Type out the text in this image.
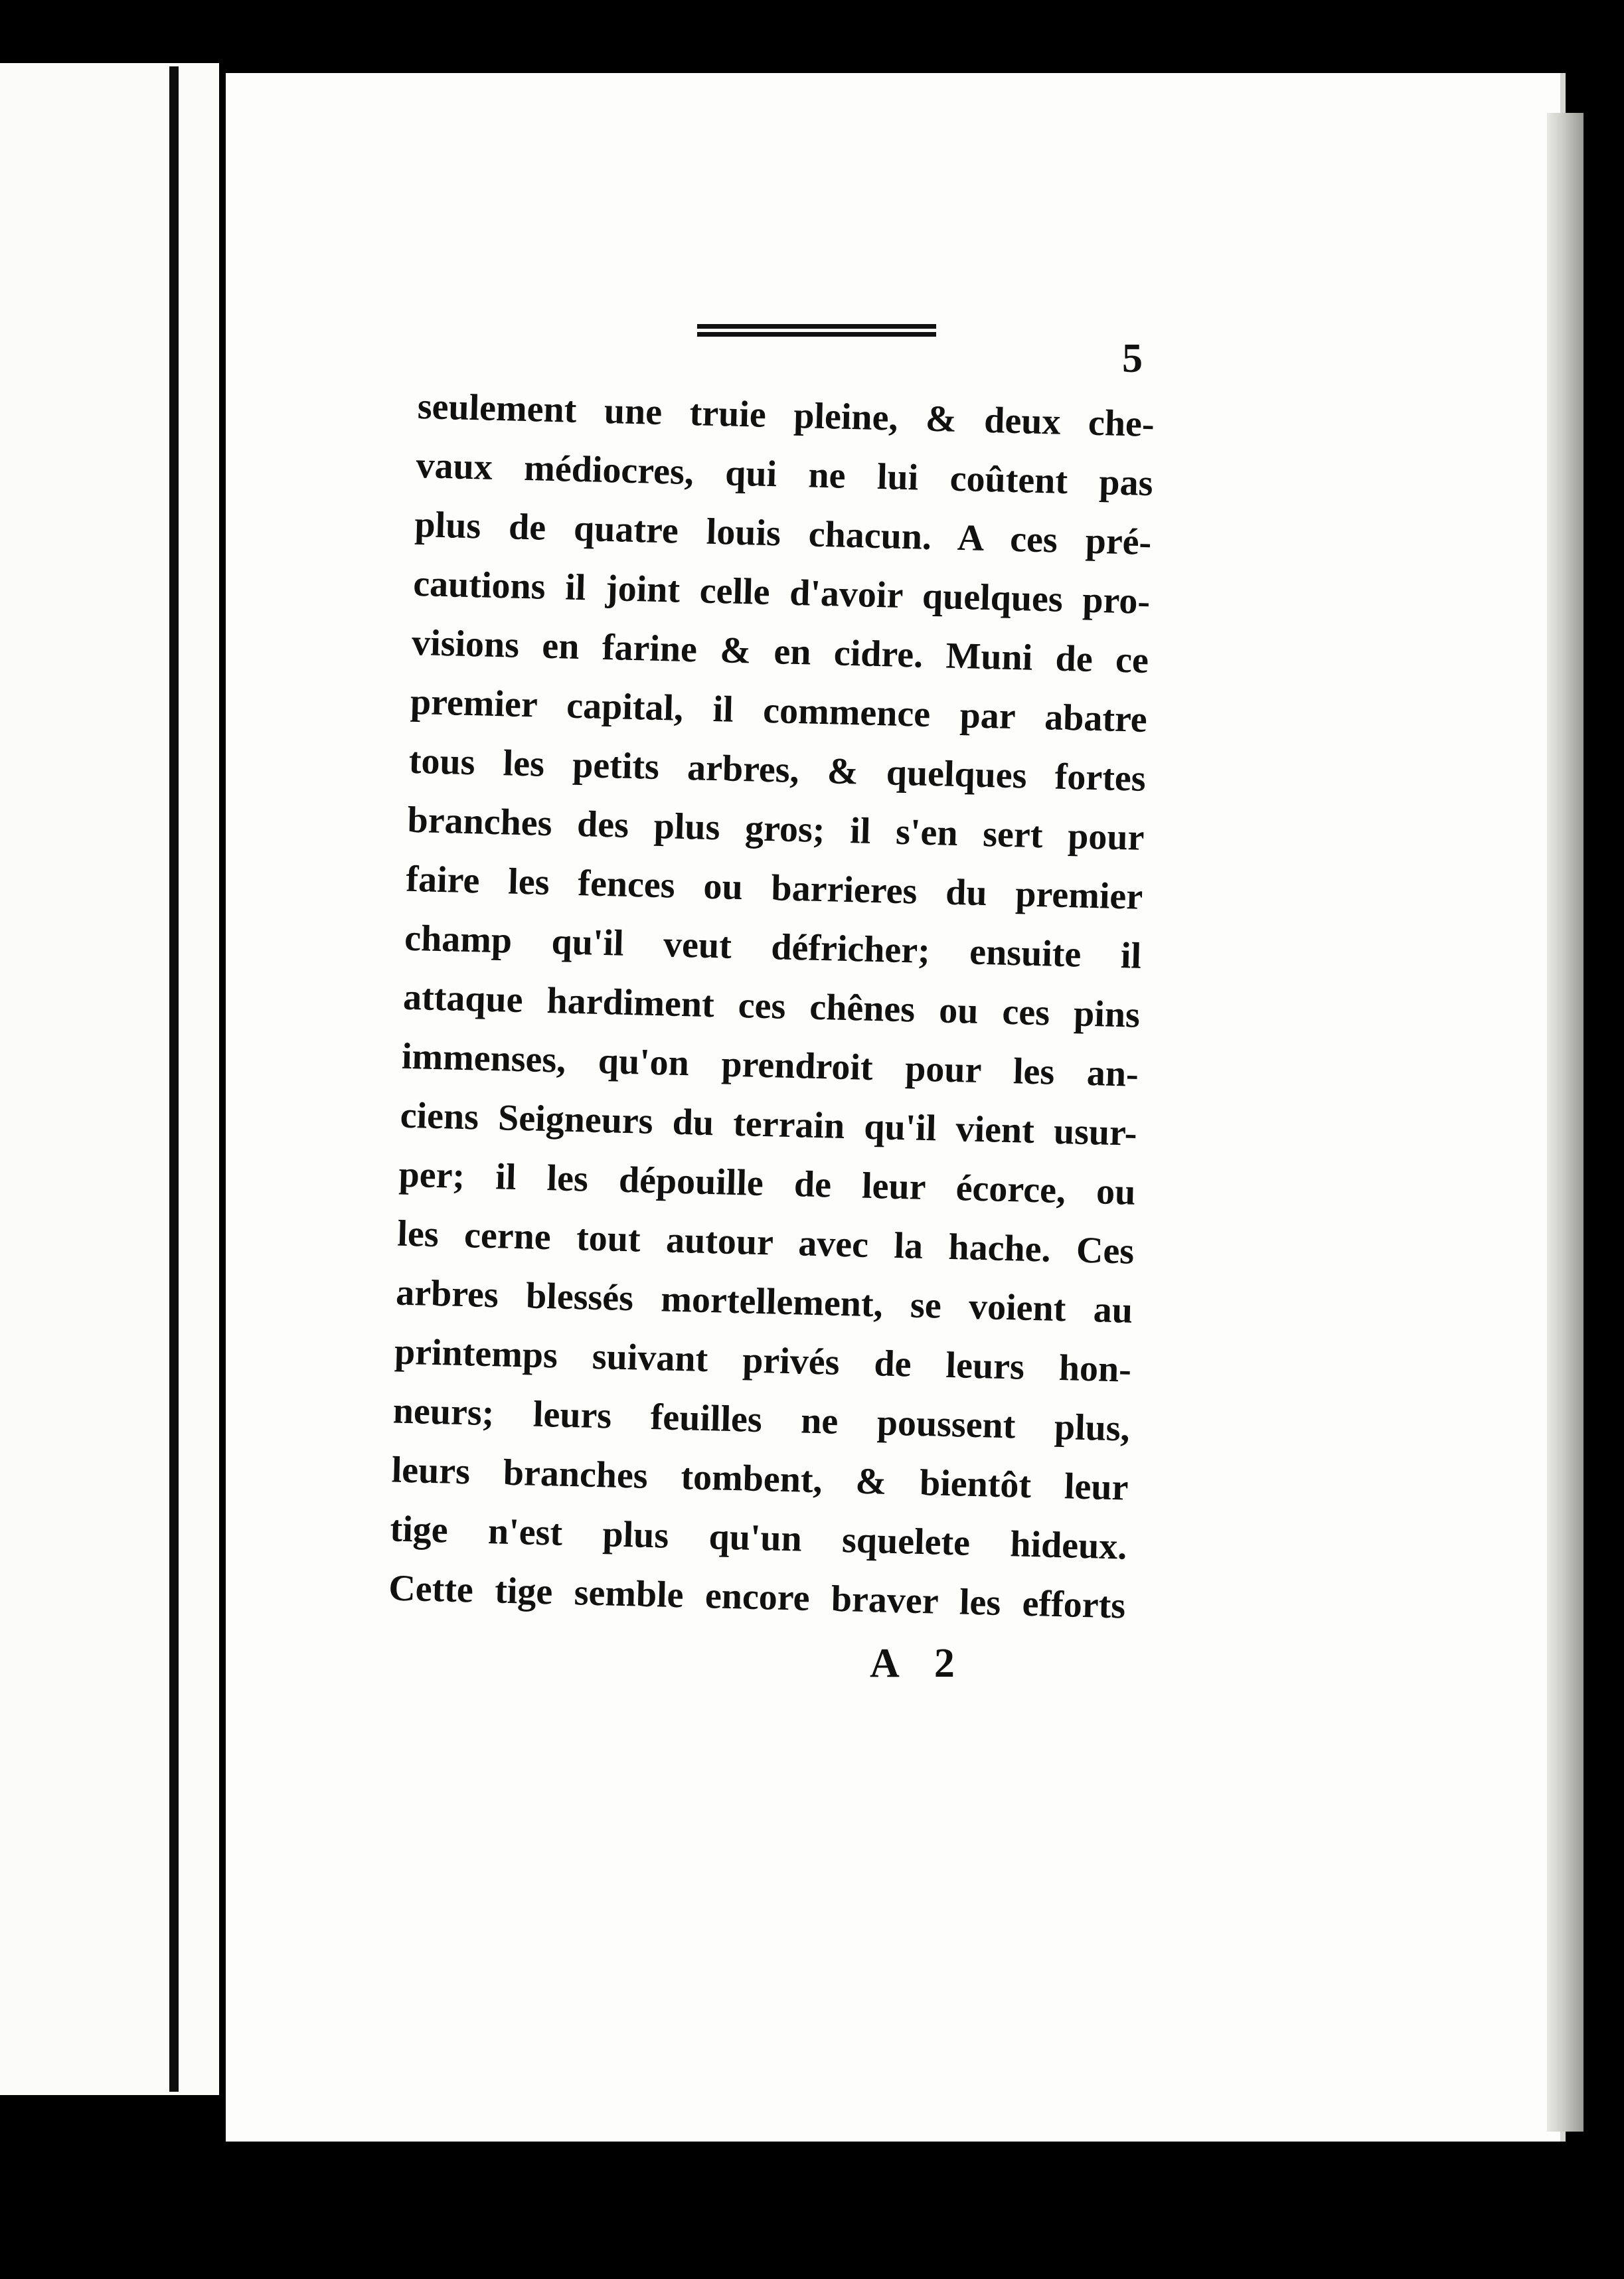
5
seulement une truie pleine, & deux che-
vaux médiocres, qui ne lui coûtent pas
plus de quatre louis chacun. A ces pré-
cautions il joint celle d'avoir quelques pro-
visions en farine & en cidre. Muni de ce
premier capital, il commence par abatre
tous les petits arbres, & quelques fortes
branches des plus gros; il s'en sert pour
faire les fences ou barrieres du premier
champ qu'il veut défricher; ensuite il
attaque hardiment ces chênes ou ces pins
immenses, qu'on prendroit pour les an-
ciens Seigneurs du terrain qu'il vient usur-
per; il les dépouille de leur écorce, ou
les cerne tout autour avec la hache. Ces
arbres blessés mortellement, se voient au
printemps suivant privés de leurs hon-
neurs; leurs feuilles ne poussent plus,
leurs branches tombent, & bientôt leur
tige n'est plus qu'un squelete hideux.
Cette tige semble encore braver les efforts
A 2
